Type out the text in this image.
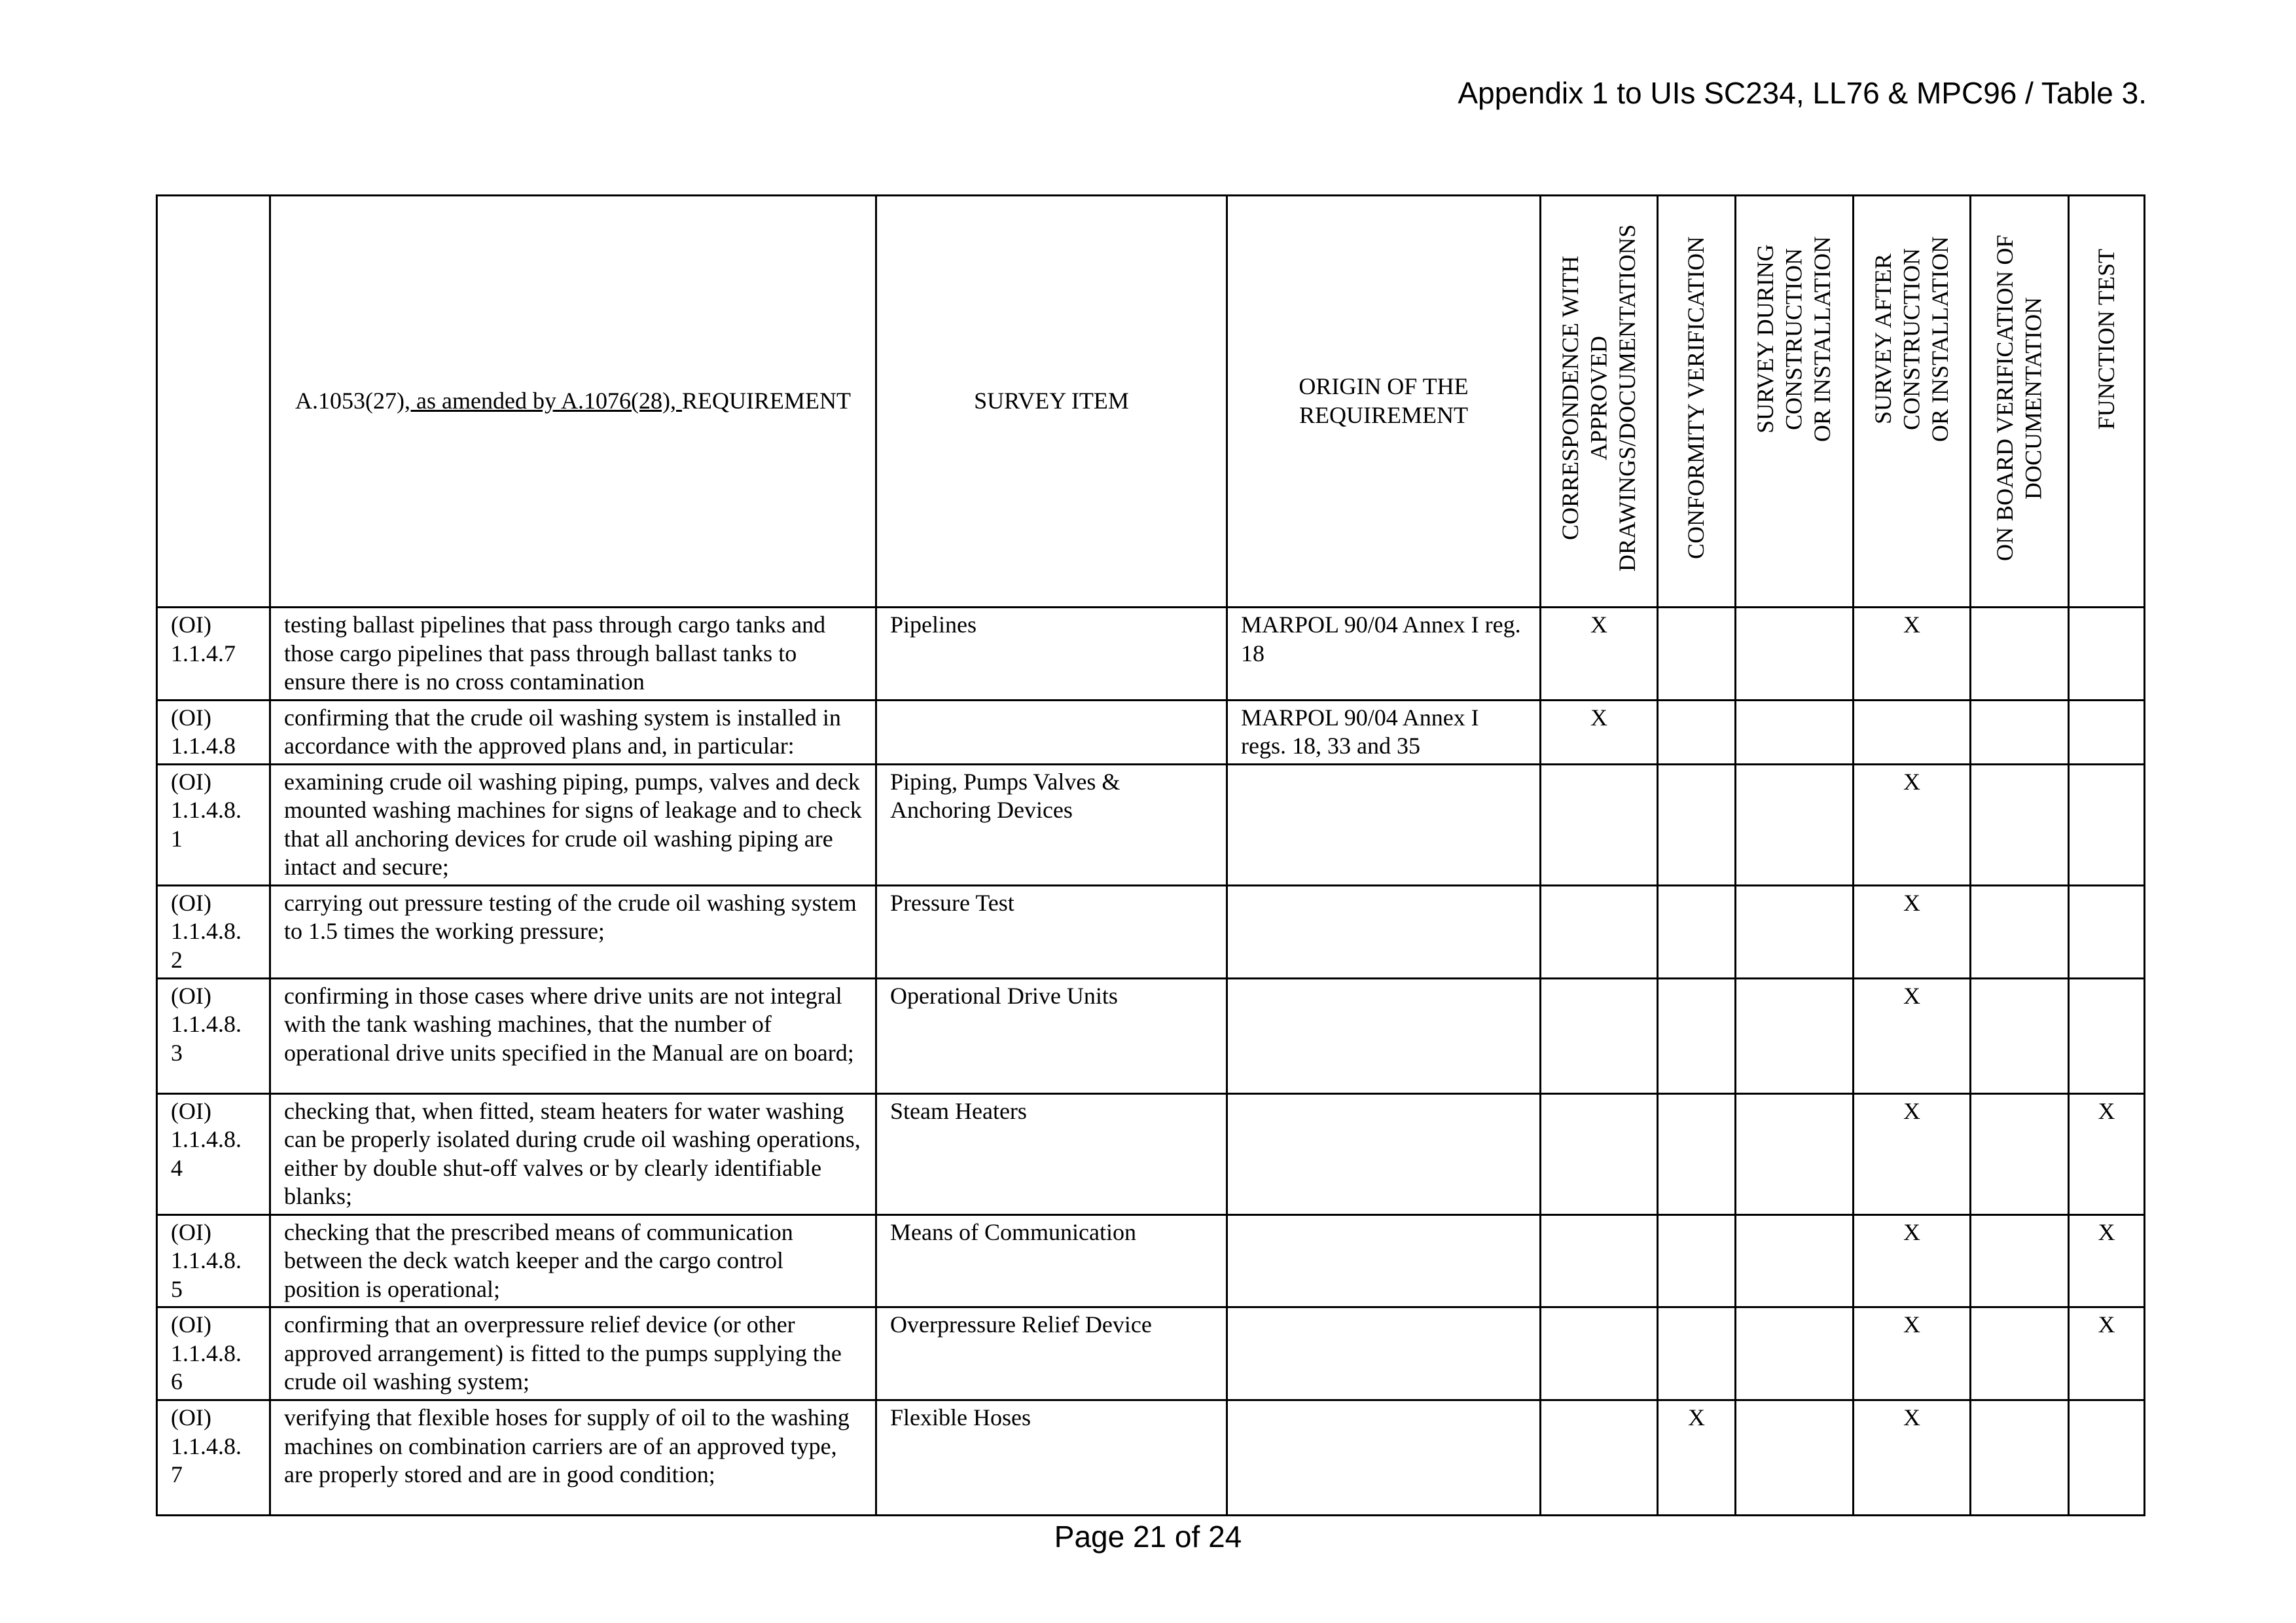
Appendix 1 to UIs SC234, LL76 & MPC96 / Table 3.
	A.1053(27), as amended by A.1076(28), REQUIREMENT	SURVEY ITEM	ORIGIN OF THE REQUIREMENT	CORRESPONDENCE WITH APPROVED DRAWINGS/DOCUMENTATIONS	CONFORMITY VERIFICATION	SURVEY DURING CONSTRUCTION OR INSTALLATION	SURVEY AFTER CONSTRUCTION OR INSTALLATION	ON BOARD VERIFICATION OF DOCUMENTATION	FUNCTION TEST
(OI) 1.1.4.7	testing ballast pipelines that pass through cargo tanks and those cargo pipelines that pass through ballast tanks to ensure there is no cross contamination	Pipelines	MARPOL 90/04 Annex I reg. 18	X			X		
(OI) 1.1.4.8	confirming that the crude oil washing system is installed in accordance with the approved plans and, in particular:		MARPOL 90/04 Annex I regs. 18, 33 and 35	X					
(OI) 1.1.4.8. 1	examining crude oil washing piping, pumps, valves and deck mounted washing machines for signs of leakage and to check that all anchoring devices for crude oil washing piping are intact and secure;	Piping, Pumps Valves & Anchoring Devices					X		
(OI) 1.1.4.8. 2	carrying out pressure testing of the crude oil washing system to 1.5 times the working pressure;	Pressure Test					X		
(OI) 1.1.4.8. 3	confirming in those cases where drive units are not integral with the tank washing machines, that the number of operational drive units specified in the Manual are on board;	Operational Drive Units					X		
(OI) 1.1.4.8. 4	checking that, when fitted, steam heaters for water washing can be properly isolated during crude oil washing operations, either by double shut-off valves or by clearly identifiable blanks;	Steam Heaters					X		X
(OI) 1.1.4.8. 5	checking that the prescribed means of communication between the deck watch keeper and the cargo control position is operational;	Means of Communication					X		X
(OI) 1.1.4.8. 6	confirming that an overpressure relief device (or other approved arrangement) is fitted to the pumps supplying the crude oil washing system;	Overpressure Relief Device					X		X
(OI) 1.1.4.8. 7	verifying that flexible hoses for supply of oil to the washing machines on combination carriers are of an approved type, are properly stored and are in good condition;	Flexible Hoses			X		X		
Page 21 of 24
